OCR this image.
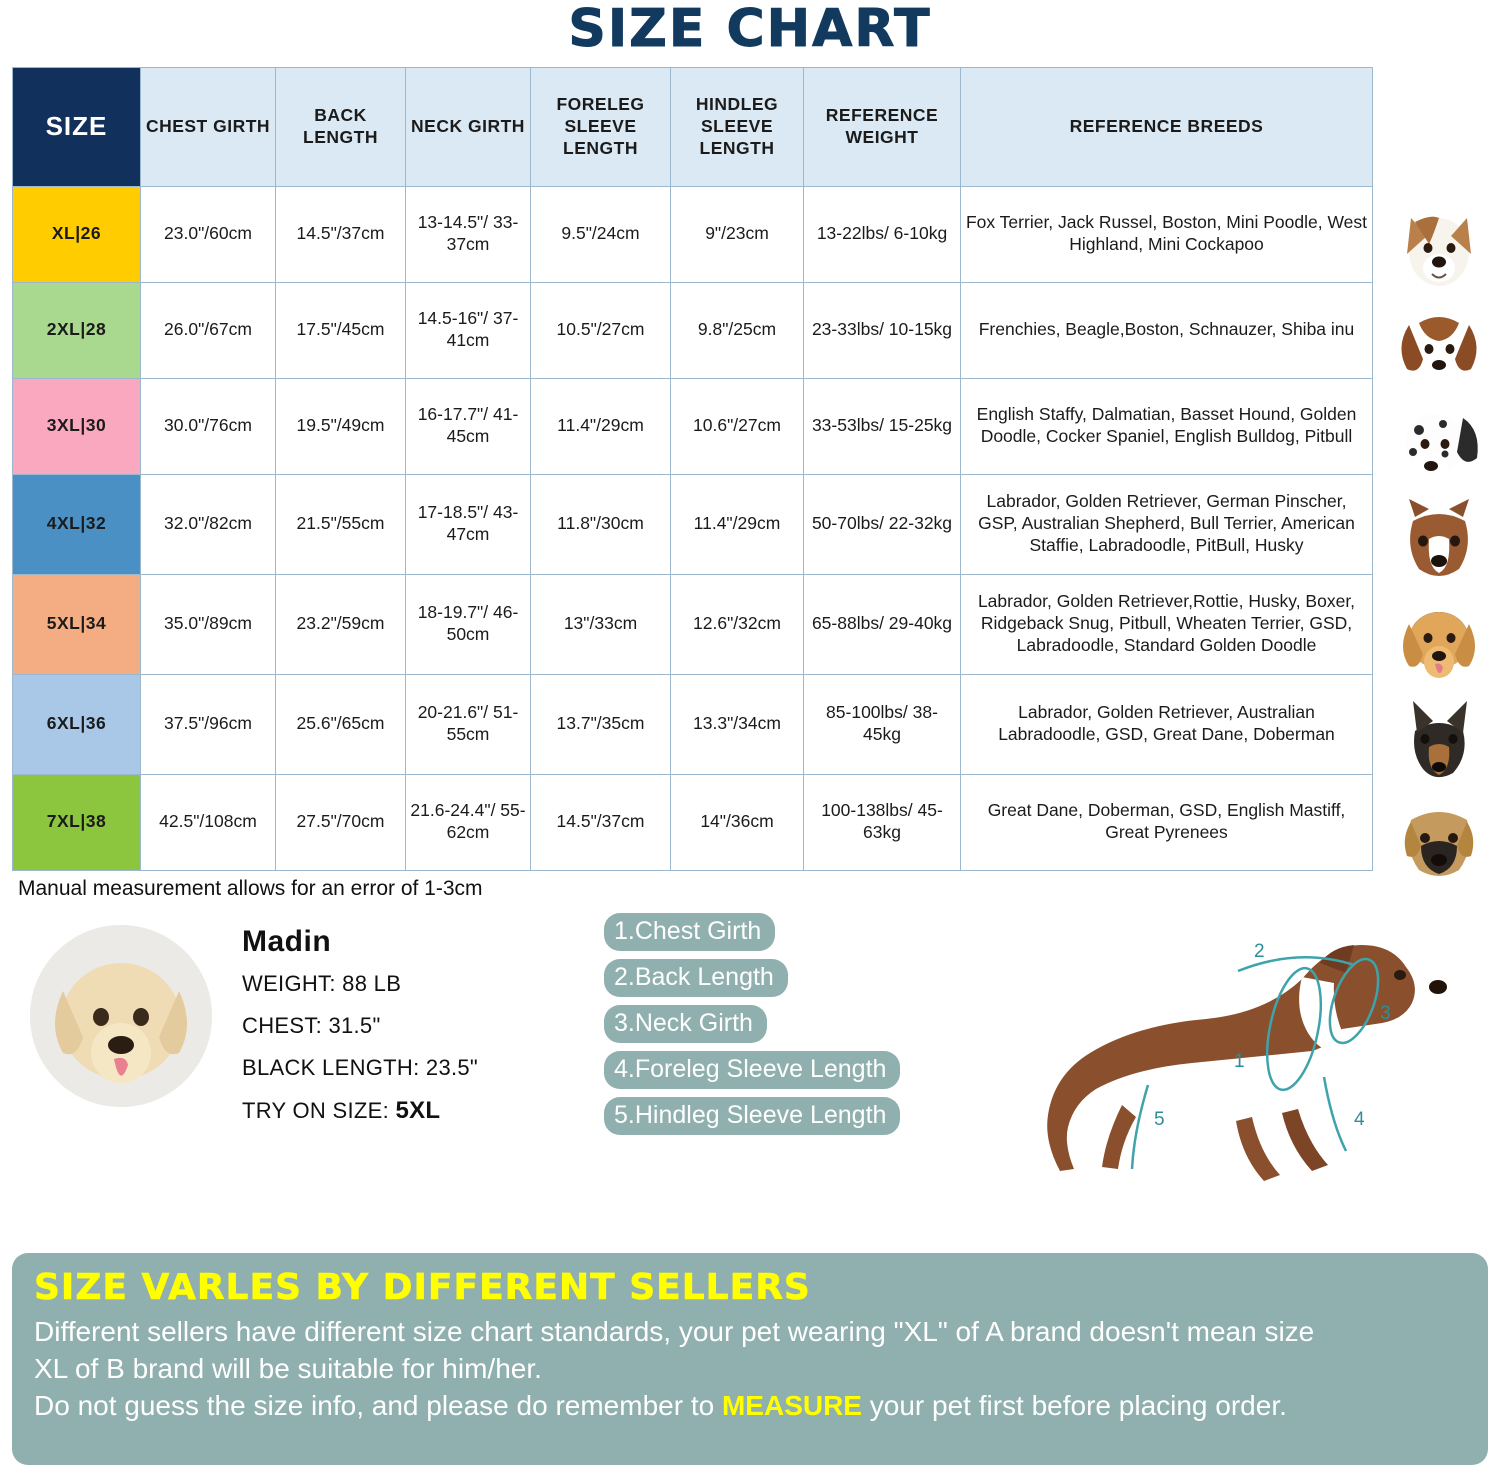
SIZE CHART
SIZE	CHEST GIRTH	BACK LENGTH	NECK GIRTH	FORELEG SLEEVE LENGTH	HINDLEG SLEEVE LENGTH	REFERENCE WEIGHT	REFERENCE BREEDS
XL|26	23.0"/60cm	14.5"/37cm	13-14.5"/ 33-37cm	9.5"/24cm	9"/23cm	13-22lbs/ 6-10kg	Fox Terrier, Jack Russel, Boston, Mini Poodle, West Highland, Mini Cockapoo
2XL|28	26.0"/67cm	17.5"/45cm	14.5-16"/ 37-41cm	10.5"/27cm	9.8"/25cm	23-33lbs/ 10-15kg	Frenchies, Beagle,Boston, Schnauzer, Shiba inu
3XL|30	30.0"/76cm	19.5"/49cm	16-17.7"/ 41-45cm	11.4"/29cm	10.6"/27cm	33-53lbs/ 15-25kg	English Staffy, Dalmatian, Basset Hound, Golden Doodle, Cocker Spaniel, English Bulldog, Pitbull
4XL|32	32.0"/82cm	21.5"/55cm	17-18.5"/ 43-47cm	11.8"/30cm	11.4"/29cm	50-70lbs/ 22-32kg	Labrador, Golden Retriever, German Pinscher, GSP, Australian Shepherd, Bull Terrier, American Staffie, Labradoodle, PitBull, Husky
5XL|34	35.0"/89cm	23.2"/59cm	18-19.7"/ 46-50cm	13"/33cm	12.6"/32cm	65-88lbs/ 29-40kg	Labrador, Golden Retriever,Rottie, Husky, Boxer, Ridgeback Snug, Pitbull, Wheaten Terrier, GSD, Labradoodle, Standard Golden Doodle
6XL|36	37.5"/96cm	25.6"/65cm	20-21.6"/ 51-55cm	13.7"/35cm	13.3"/34cm	85-100lbs/ 38-45kg	Labrador, Golden Retriever, Australian Labradoodle, GSD, Great Dane, Doberman
7XL|38	42.5"/108cm	27.5"/70cm	21.6-24.4"/ 55-62cm	14.5"/37cm	14"/36cm	100-138lbs/ 45-63kg	Great Dane, Doberman, GSD, English Mastiff, Great Pyrenees
Manual measurement allows for an error of 1-3cm
Madin
WEIGHT: 88 LB
CHEST: 31.5"
BLACK LENGTH: 23.5"
TRY ON SIZE: 5XL
1.Chest Girth
2.Back Length
3.Neck Girth
4.Foreleg Sleeve Length
5.Hindleg Sleeve Length
1
2
3
4
5
SIZE VARLES BY DIFFERENT SELLERS
Different sellers have different size chart standards, your pet wearing "XL" of A brand doesn't mean size
XL of B brand will be suitable for him/her.
Do not guess the size info, and please do remember to MEASURE your pet first before placing order.
